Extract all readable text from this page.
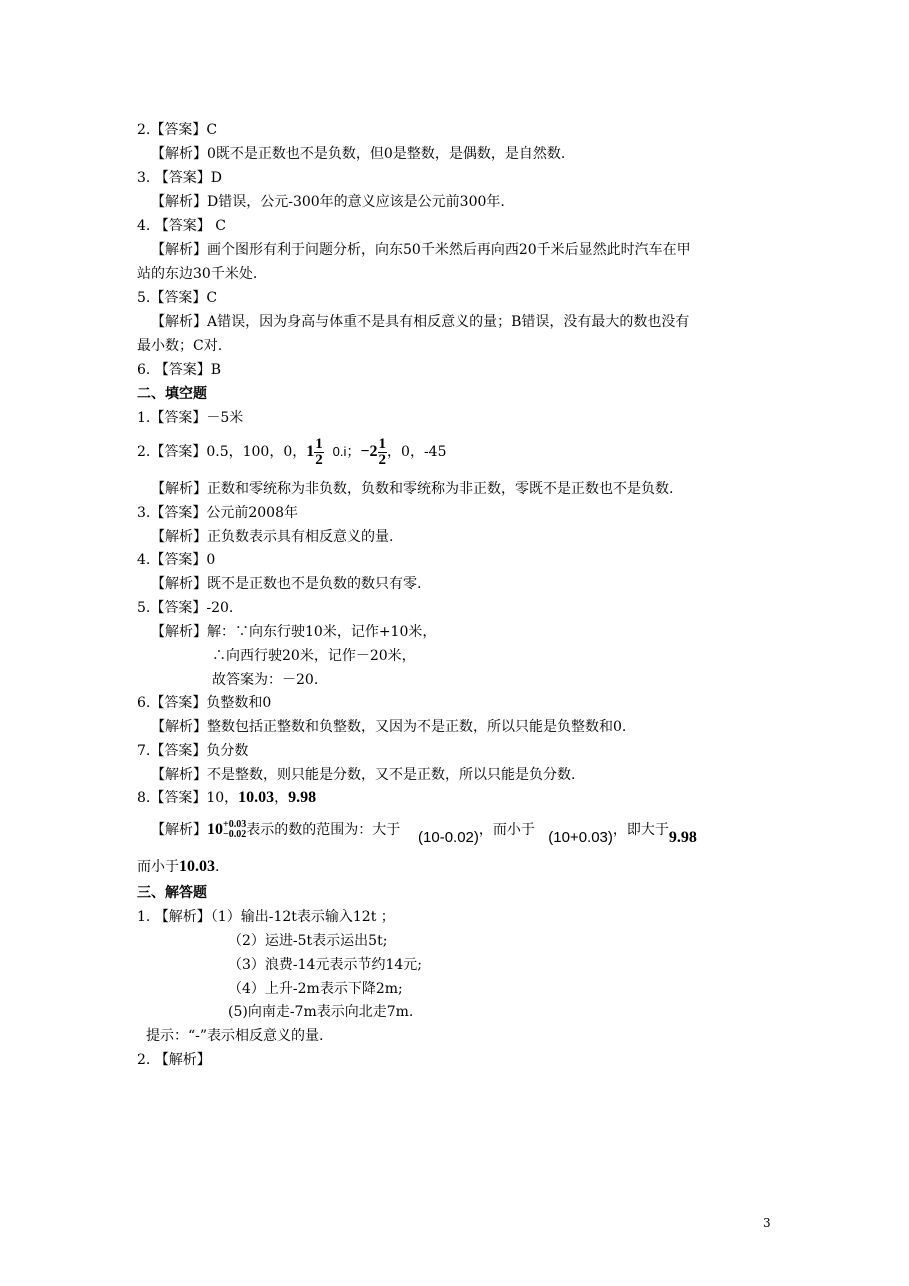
2.【答案】C
【解析】0既不是正数也不是负数，但0是整数，是偶数，是自然数.
3. 【答案】D
【解析】D错误，公元-300年的意义应该是公元前300年.
4. 【答案】 C
【解析】画个图形有利于问题分析，向东50千米然后再向西20千米后显然此时汽车在甲
站的东边30千米处.
5.【答案】C
【解析】A错误，因为身高与体重不是具有相反意义的量；B错误，没有最大的数也没有
最小数；C对.
6. 【答案】B
二、填空题
1.【答案】－5米
2.【答案】0.5，100，0，$1 \frac{1}{2} 0.i$；$-2 \frac{1}{2}$ ，0，-45
【解析】正数和零统称为非负数，负数和零统称为非正数，零既不是正数也不是负数.
3.【答案】公元前2008年
【解析】正负数表示具有相反意义的量.
4.【答案】0
【解析】既不是正数也不是负数的数只有零.
5.【答案】-20.
【解析】解：∵向东行驶10米，记作+10米，
∴向西行驶20米，记作－20米，
故答案为：－20.
6.【答案】负整数和0
【解析】整数包括正整数和负整数，又因为不是正数，所以只能是负整数和0.
7.【答案】负分数
【解析】不是整数，则只能是分数，又不是正数，所以只能是负分数.
8.【答案】10，10.03，9.98
【解析】10 +0.03
−0.02 表示的数的范围为：大于 (10-0.02)，而小于 (10+0.03)，即大于9.98
而小于10.03.
三、解答题
1. 【解析】（1）输出-12t表示输入12t ；
（2）运进-5t表示运出5t;
（3）浪费-14元表示节约14元;
（4）上升-2m表示下降2m;
(5)向南走-7m表示向北走7m.
提示：“-”表示相反意义的量.
2. 【解析】
3
